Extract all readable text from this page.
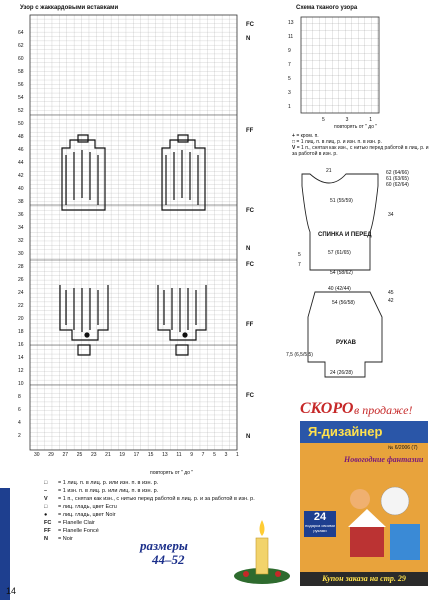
Узор с жаккардовыми вставками
64
62
60
58
56
54
52
50
48
46
44
42
40
38
36
34
32
30
28
26
24
22
20
18
16
14
12
10
8
6
4
2
FC
N
FF
FC
N
FC
FF
FC
N
30 29 27 25 23 21 19 17 15 13 11 9 7 5 3 1
повторять от " до "
Схема тканого узора
13
11
9
7
5
3
1
5	3	1
повторять от " до "
+ = кром. п.
□ = 1 лиц. п. в лиц. р. и изн. п. в изн. р.
V = 1 п., снятая как изн., с нитью перед работой в лиц. р. и за работой в изн. р.
21	62 (64/66)
61 (63/65)
60 (62/64)
51 (55/59)
34
СПИНКА И ПЕРЕД
57 (61/65)
5
7
54 (58/62)
40 (42/44)
45
42
54 (56/58)
РУКАВ
7,5 (6,5/5,5)
24 (26/28)
□ = 1 лиц. п. в лиц. р. или изн. п. в изн. р.
– = 1 изн. п. в лиц. р. или лиц. п. в изн. р.
V = 1 п., снятая как изн., с нитью перед работой в лиц. р. и за работой в изн. р.
□ = лиц. гладь, цвет Ecru
● = лиц. гладь, цвет Noir
FC = Flanelle Clair
FF = Flanelle Foncé
N = Noir	размеры
44–52
14
СКОРО в продаже!
Я-дизайнер
№ 6/2006 (7)
Новогодние фантазии
24
подарка своими руками
Купон заказа на стр. 29
